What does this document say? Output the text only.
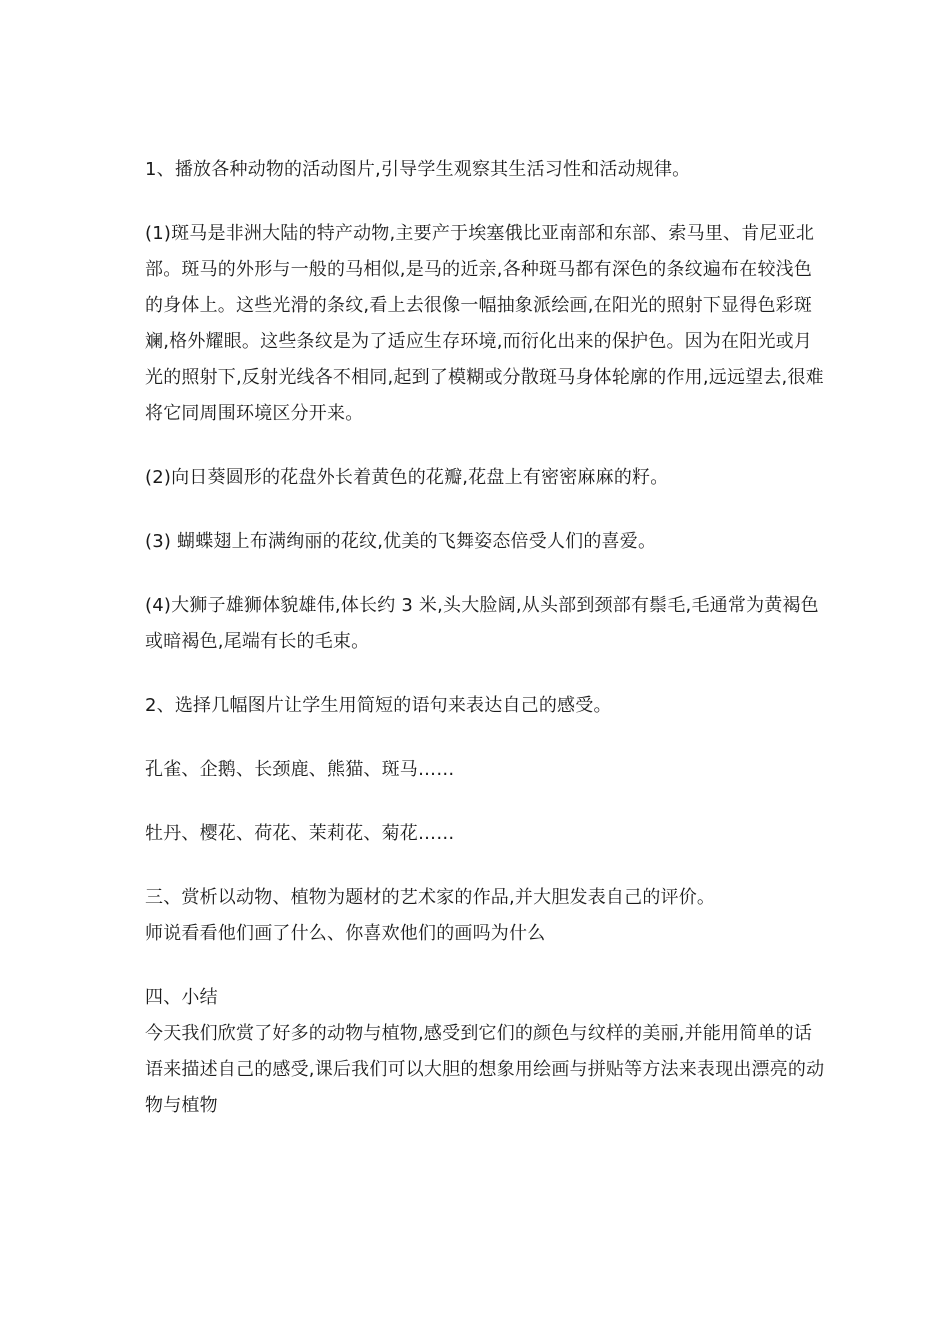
1、播放各种动物的活动图片,引导学生观察其生活习性和活动规律。

(1)斑马是非洲大陆的特产动物,主要产于埃塞俄比亚南部和东部、索马里、肯尼亚北部。斑马的外形与一般的马相似,是马的近亲,各种斑马都有深色的条纹遍布在较浅色的身体上。这些光滑的条纹,看上去很像一幅抽象派绘画,在阳光的照射下显得色彩斑斓,格外耀眼。这些条纹是为了适应生存环境,而衍化出来的保护色。因为在阳光或月光的照射下,反射光线各不相同,起到了模糊或分散斑马身体轮廓的作用,远远望去,很难将它同周围环境区分开来。

(2)向日葵圆形的花盘外长着黄色的花瓣,花盘上有密密麻麻的籽。

(3) 蝴蝶翅上布满绚丽的花纹,优美的飞舞姿态倍受人们的喜爱。

(4)大狮子雄狮体貌雄伟,体长约 3 米,头大脸阔,从头部到颈部有鬃毛,毛通常为黄褐色或暗褐色,尾端有长的毛束。

2、选择几幅图片让学生用简短的语句来表达自己的感受。

孔雀、企鹅、长颈鹿、熊猫、斑马……

牡丹、樱花、荷花、茉莉花、菊花……

三、赏析以动物、植物为题材的艺术家的作品,并大胆发表自己的评价。

师说看看他们画了什么、你喜欢他们的画吗为什么

四、小结

今天我们欣赏了好多的动物与植物,感受到它们的颜色与纹样的美丽,并能用简单的话语来描述自己的感受,课后我们可以大胆的想象用绘画与拼贴等方法来表现出漂亮的动物与植物
